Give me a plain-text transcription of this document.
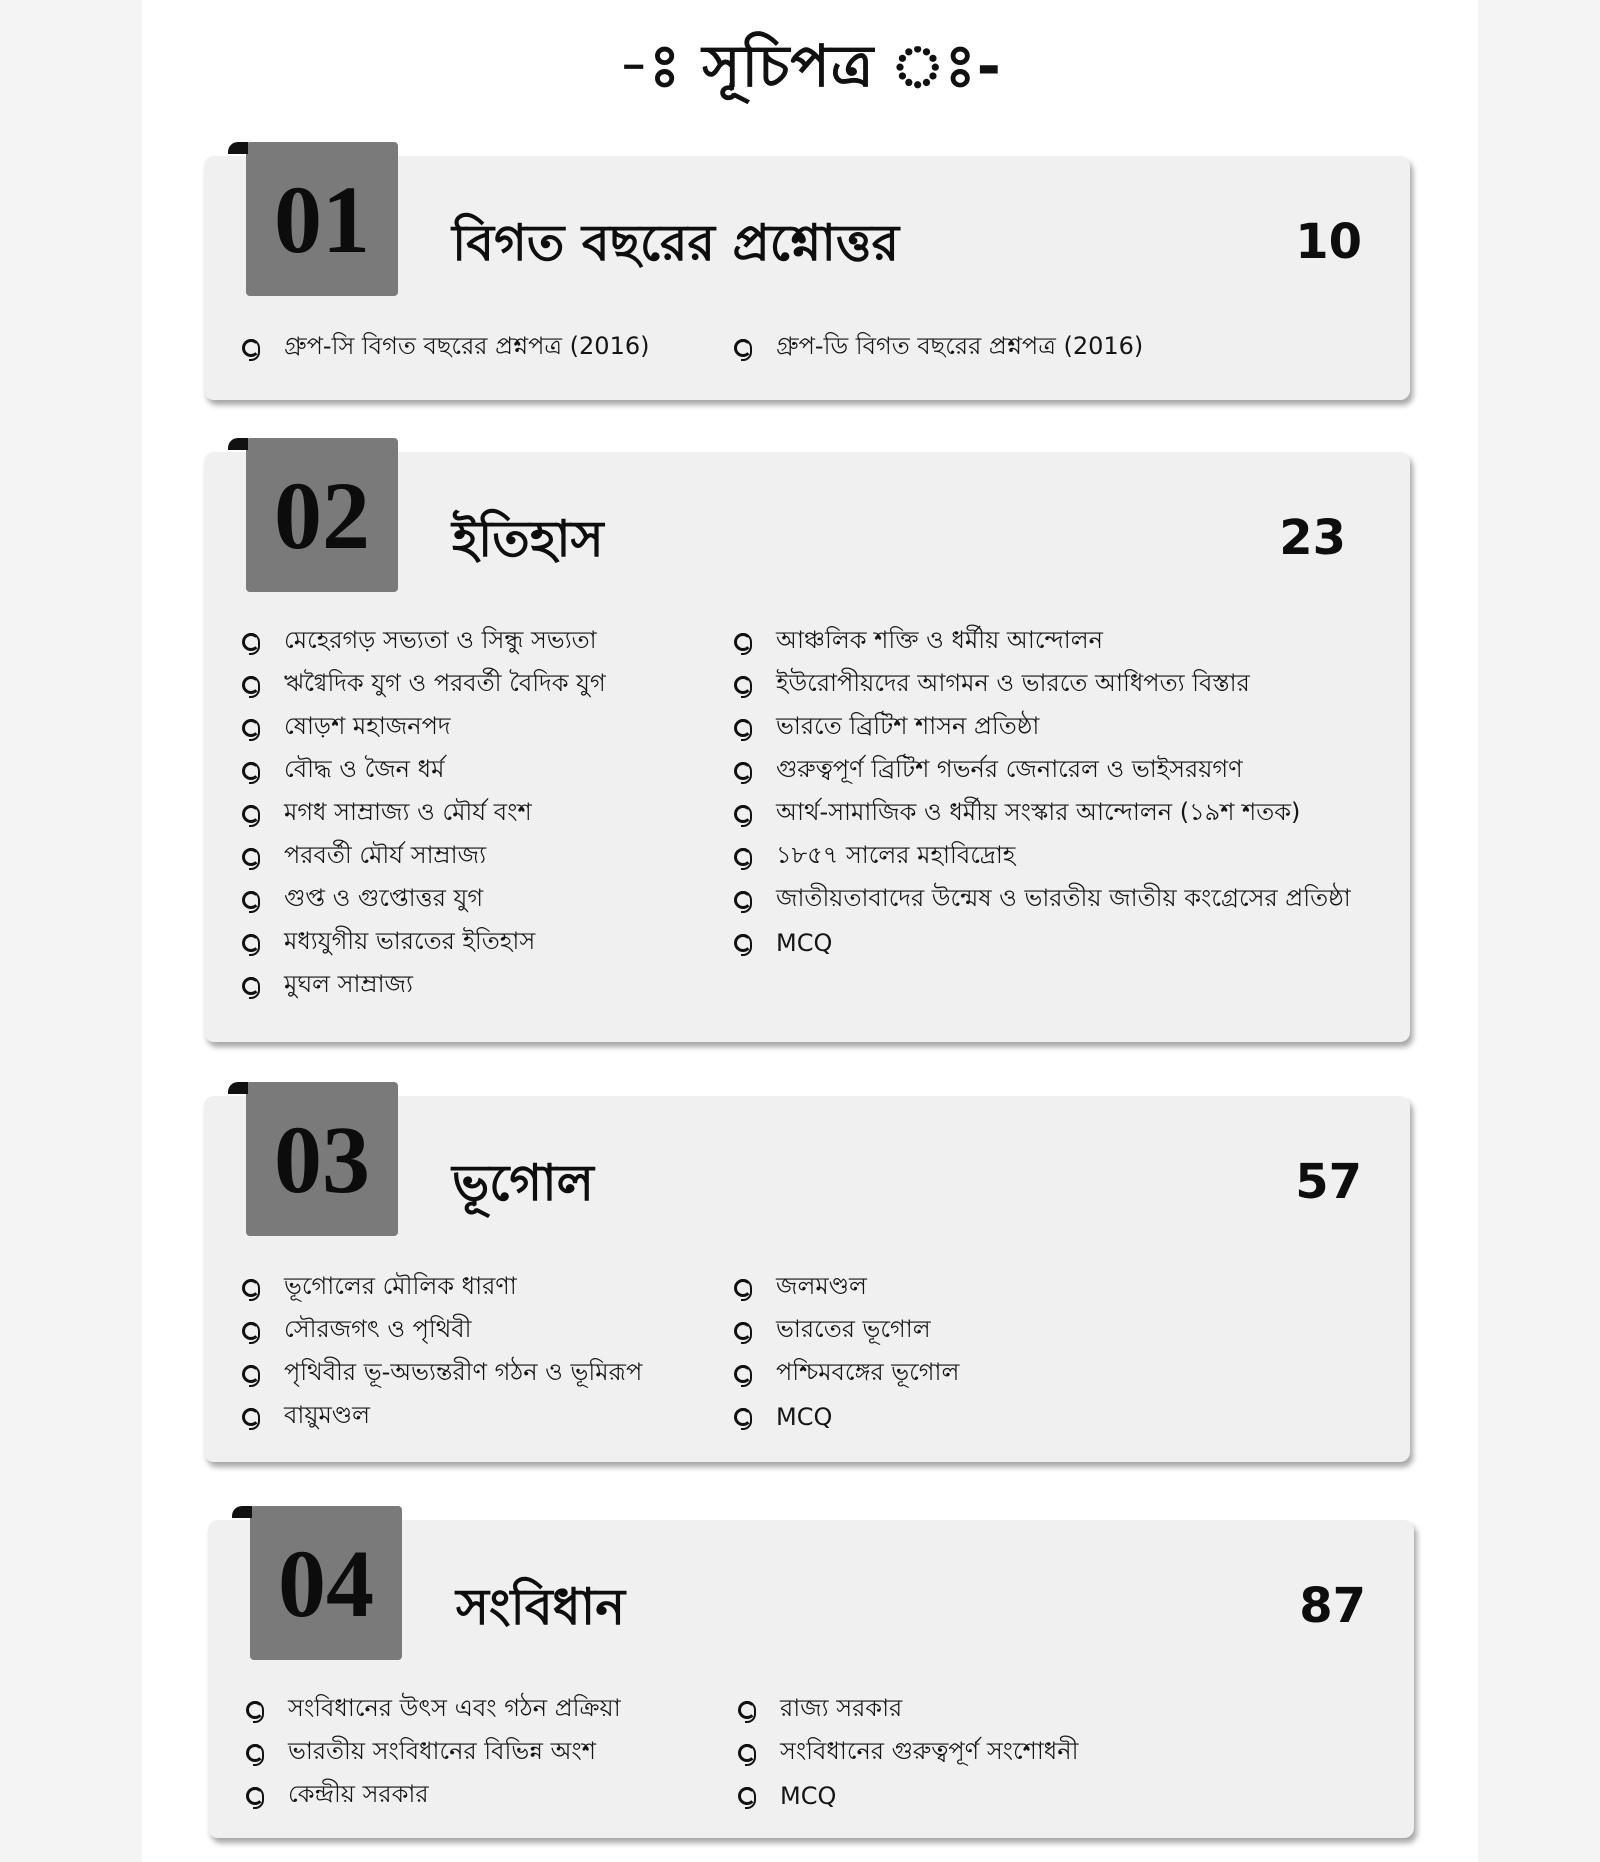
-ঃ সূচিপত্র ঃ-
01	বিগত বছরের প্রশ্নোত্তর	10
গ্রুপ-সি বিগত বছরের প্রশ্নপত্র (2016)	গ্রুপ-ডি বিগত বছরের প্রশ্নপত্র (2016)
02	ইতিহাস	23
মেহেরগড় সভ্যতা ও সিন্ধু সভ্যতা
ঋগ্বৈদিক যুগ ও পরবর্তী বৈদিক যুগ
ষোড়শ মহাজনপদ
বৌদ্ধ ও জৈন ধর্ম
মগধ সাম্রাজ্য ও মৌর্য বংশ
পরবর্তী মৌর্য সাম্রাজ্য
গুপ্ত ও গুপ্তোত্তর যুগ
মধ্যযুগীয় ভারতের ইতিহাস
মুঘল সাম্রাজ্য
আঞ্চলিক শক্তি ও ধর্মীয় আন্দোলন
ইউরোপীয়দের আগমন ও ভারতে আধিপত্য বিস্তার
ভারতে ব্রিটিশ শাসন প্রতিষ্ঠা
গুরুত্বপূর্ণ ব্রিটিশ গভর্নর জেনারেল ও ভাইসরয়গণ
আর্থ-সামাজিক ও ধর্মীয় সংস্কার আন্দোলন (১৯শ শতক)
১৮৫৭ সালের মহাবিদ্রোহ
জাতীয়তাবাদের উন্মেষ ও ভারতীয় জাতীয় কংগ্রেসের প্রতিষ্ঠা
MCQ
03	ভূগোল	57
ভূগোলের মৌলিক ধারণা
সৌরজগৎ ও পৃথিবী
পৃথিবীর ভূ-অভ্যন্তরীণ গঠন ও ভূমিরূপ
বায়ুমণ্ডল
জলমণ্ডল
ভারতের ভূগোল
পশ্চিমবঙ্গের ভূগোল
MCQ
04	সংবিধান	87
সংবিধানের উৎস এবং গঠন প্রক্রিয়া
ভারতীয় সংবিধানের বিভিন্ন অংশ
কেন্দ্রীয় সরকার
রাজ্য সরকার
সংবিধানের গুরুত্বপূর্ণ সংশোধনী
MCQ
